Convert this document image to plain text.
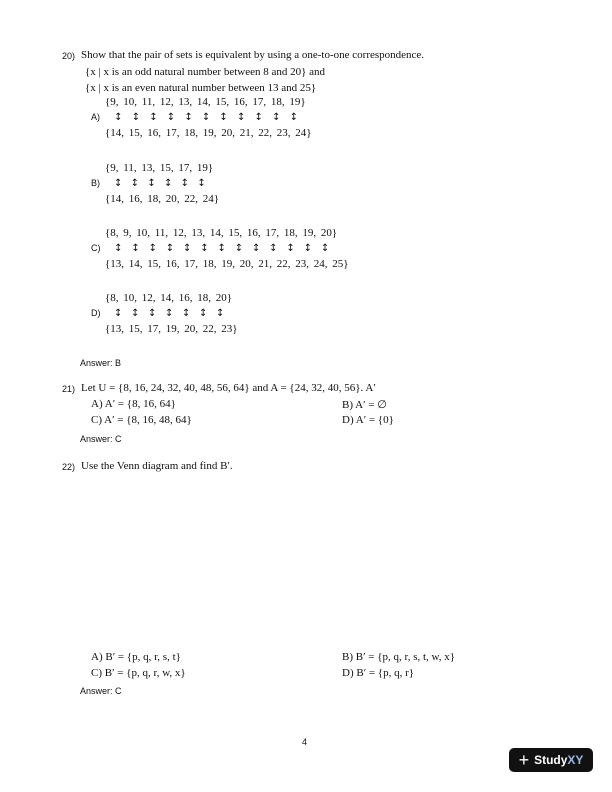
20) Show that the pair of sets is equivalent by using a one-to-one correspondence.
{x | x is an odd natural number between 8 and 20} and
{x | x is an even natural number between 13 and 25}
A)
{9, 10, 11, 12, 13, 14, 15, 16, 17, 18, 19}
{14, 15, 16, 17, 18, 19, 20, 21, 22, 23, 24}
↕ ↕ ↕ ↕ ↕ ↕ ↕ ↕ ↕ ↕ ↕
B)
{9, 11, 13, 15, 17, 19}
{14, 16, 18, 20, 22, 24}
↕ ↕ ↕ ↕ ↕ ↕
C)
{8, 9, 10, 11, 12, 13, 14, 15, 16, 17, 18, 19, 20}
{13, 14, 15, 16, 17, 18, 19, 20, 21, 22, 23, 24, 25}
↕ ↕ ↕ ↕ ↕ ↕ ↕ ↕ ↕ ↕ ↕ ↕ ↕
D)
{8, 10, 12, 14, 16, 18, 20}
{13, 15, 17, 19, 20, 22, 23}
↕ ↕ ↕ ↕ ↕ ↕ ↕
Answer: B
21) Let U = {8, 16, 24, 32, 40, 48, 56, 64} and A = {24, 32, 40, 56}. A′
A) A′ = {8, 16, 64}	B) A′ = ∅
C) A′ = {8, 16, 48, 64}	D) A′ = {0}
Answer: C
22) Use the Venn diagram and find B′.
A) B′ = {p, q, r, s, t}	B) B′ = {p, q, r, s, t, w, x}
C) B′ = {p, q, r, w, x}	D) B′ = {p, q, r}
Answer: C
4
+ Study XY
